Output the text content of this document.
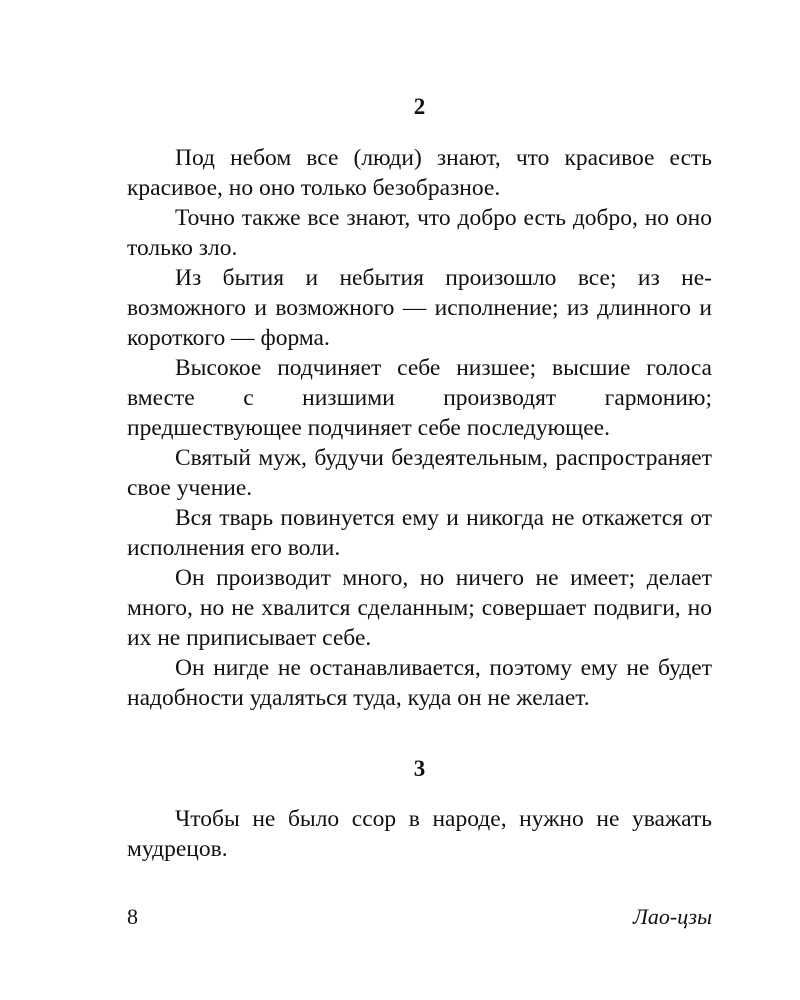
2

Под небом все (люди) знают, что красивое есть красивое, но оно только безобразное.

Точно также все знают, что добро есть добро, но оно только зло.

Из бытия и небытия произошло все; из невозможного и возможного — исполнение; из длинного и короткого — форма.

Высокое подчиняет себе низшее; высшие голоса вместе с низшими производят гармонию; предшествующее подчиняет себе последующее.

Святый муж, будучи бездеятельным, распространяет свое учение.

Вся тварь повинуется ему и никогда не откажется от исполнения его воли.

Он производит много, но ничего не имеет; делает много, но не хвалится сделанным; совершает подвиги, но их не приписывает себе.

Он нигде не останавливается, поэтому ему не будет надобности удаляться туда, куда он не желает.

3

Чтобы не было ссор в народе, нужно не уважать мудрецов.

8	Лао-цзы
